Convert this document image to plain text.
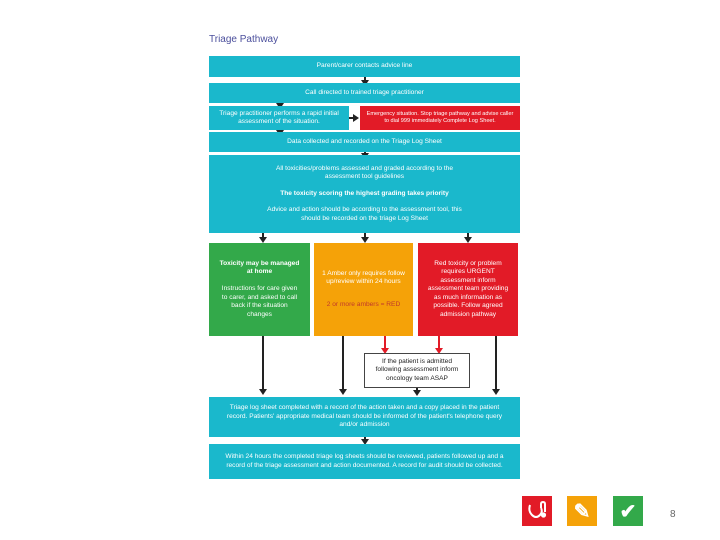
Triage Pathway
Parent/carer contacts advice line
Call directed to trained triage practitioner
Triage practitioner performs a rapid initial assessment of the situation.
Emergency situation. Stop triage pathway and advise caller to dial 999 immediately Complete Log Sheet.
Data collected and recorded on the Triage Log Sheet
All toxicities/problems assessed and graded according to the assessment tool guidelines
The toxicity scoring the highest grading takes priority
Advice and action should be according to the assessment tool, this should be recorded on the triage Log Sheet
Toxicity may be managed at home
Instructions for care given to carer, and asked to call back if the situation changes
1 Amber only requires follow up/review within 24 hours
2 or more ambers = RED
Red toxicity or problem requires URGENT assessment inform assessment team providing as much information as possible. Follow agreed admission pathway
If the patient is admitted following assessment inform oncology team ASAP
Triage log sheet completed with a record of the action taken and a copy placed in the patient record. Patients' appropriate medical team should be informed of the patient's telephone query and/or admission
Within 24 hours the completed triage log sheets should be reviewed, patients followed up and a record of the triage assessment and action documented. A record for audit should be collected.
✎ ✔	8
